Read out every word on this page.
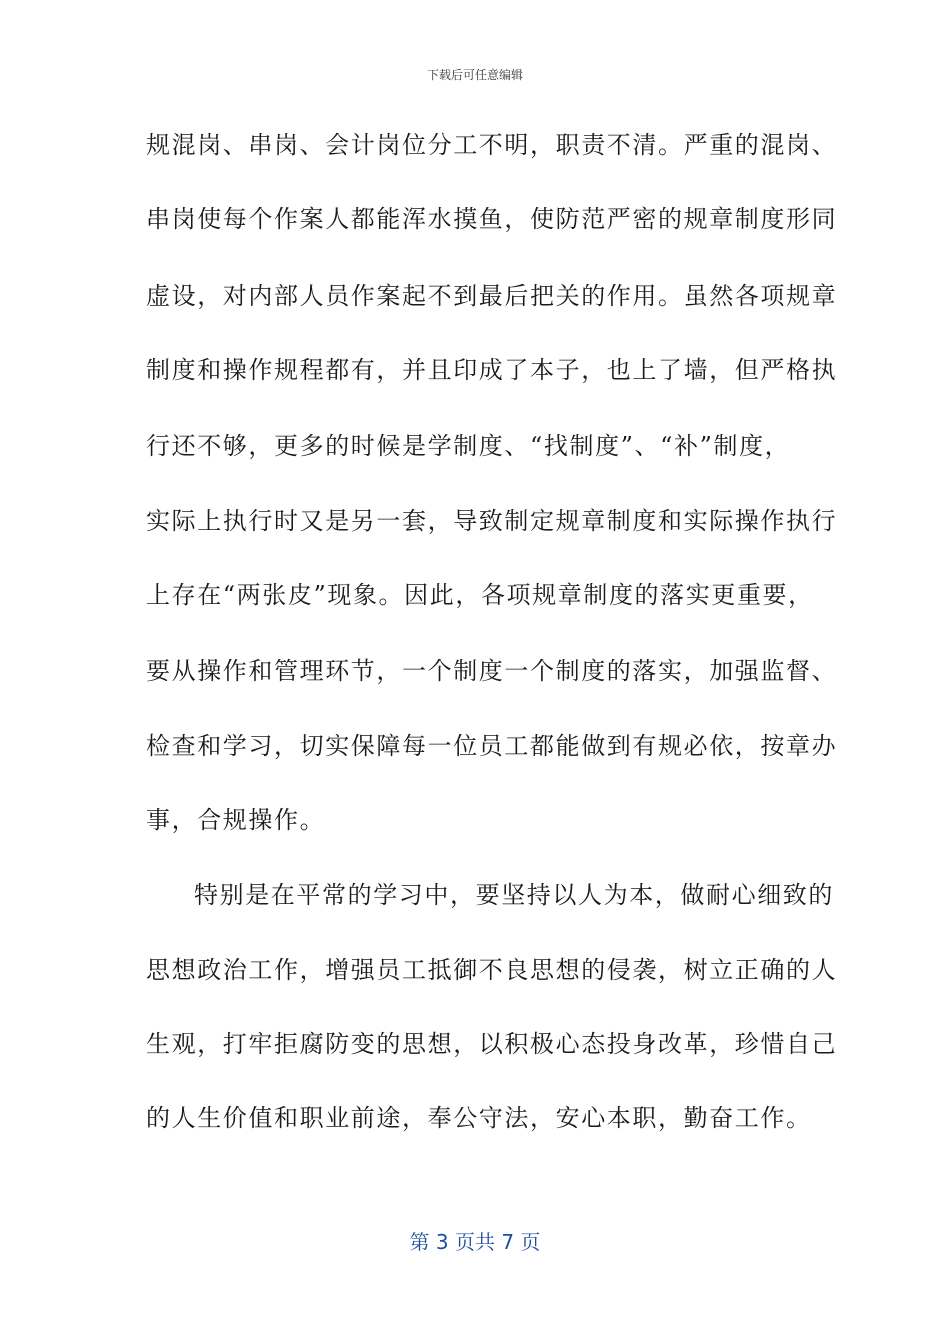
下载后可任意编辑
规混岗、串岗、会计岗位分工不明，职责不清。严重的混岗、
串岗使每个作案人都能浑水摸鱼，使防范严密的规章制度形同
虚设，对内部人员作案起不到最后把关的作用。虽然各项规章
制度和操作规程都有，并且印成了本子，也上了墙，但严格执
行还不够，更多的时候是学制度、“找制度”、“补”制度，
实际上执行时又是另一套，导致制定规章制度和实际操作执行
上存在“两张皮”现象。因此，各项规章制度的落实更重要，
要从操作和管理环节，一个制度一个制度的落实，加强监督、
检查和学习，切实保障每一位员工都能做到有规必依，按章办
事，合规操作。
特别是在平常的学习中，要坚持以人为本，做耐心细致的
思想政治工作，增强员工抵御不良思想的侵袭，树立正确的人
生观，打牢拒腐防变的思想，以积极心态投身改革，珍惜自己
的人生价值和职业前途，奉公守法，安心本职，勤奋工作。
第 3 页共 7 页
